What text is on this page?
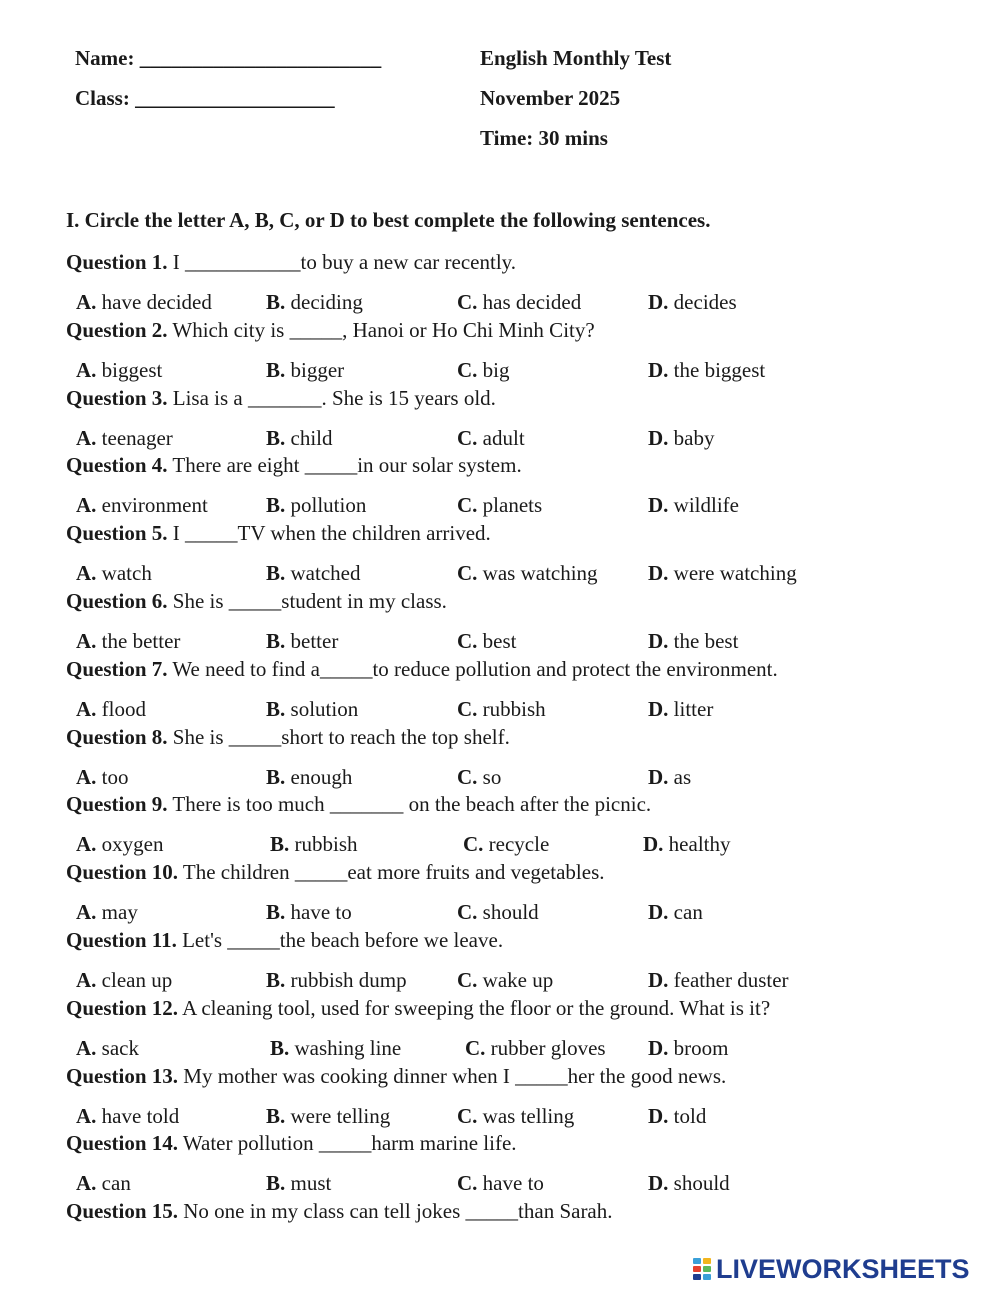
Name: _______________________
Class: ___________________
English Monthly Test
November 2025
Time: 30 mins
I. Circle the letter A, B, C, or D to best complete the following sentences.
Question 1. I ___________to buy a new car recently.
A. have decided	B. deciding	C. has decided	D. decides
Question 2. Which city is _____, Hanoi or Ho Chi Minh City?
A. biggest	B. bigger	C. big	D. the biggest
Question 3. Lisa is a _______. She is 15 years old.
A. teenager	B. child	C. adult	D. baby
Question 4. There are eight _____in our solar system.
A. environment	B. pollution	C. planets	D. wildlife
Question 5. I _____TV when the children arrived.
A. watch	B. watched	C. was watching D. were watching
Question 6. She is _____student in my class.
A. the better	B. better	C. best	D. the best
Question 7. We need to find a_____to reduce pollution and protect the environment.
A. flood	B. solution	C. rubbish	D. litter
Question 8. She is _____short to reach the top shelf.
A. too	B. enough	C. so	D. as
Question 9. There is too much _______ on the beach after the picnic.
A. oxygen	B. rubbish	C. recycle	D. healthy
Question 10. The children _____eat more fruits and vegetables.
A. may	B. have to	C. should	D. can
Question 11. Let's _____the beach before we leave.
A. clean up	B. rubbish dump C. wake up	D. feather duster
Question 12. A cleaning tool, used for sweeping the floor or the ground. What is it?
A. sack	B. washing line	C. rubber gloves D. broom
Question 13. My mother was cooking dinner when I _____her the good news.
A. have told	B. were telling	C. was telling	D. told
Question 14. Water pollution _____harm marine life.
A. can	B. must	C. have to	D. should
Question 15. No one in my class can tell jokes _____than Sarah.
LIVEWORKSHEETS
